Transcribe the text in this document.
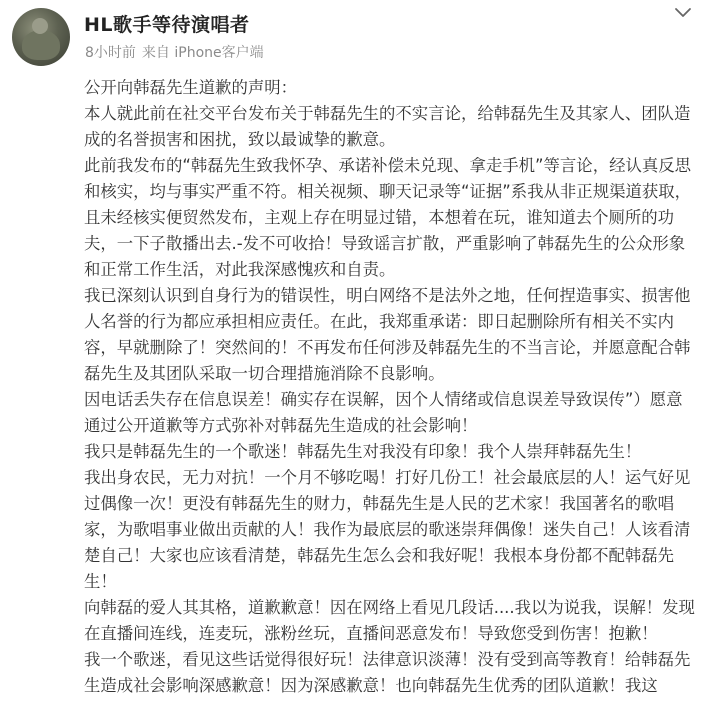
HL歌手等待演唱者
8小时前 来自 iPhone客户端

公开向韩磊先生道歉的声明：

本人就此前在社交平台发布关于韩磊先生的不实言论，给韩磊先生及其家人、团队造成的名誉损害和困扰，致以最诚挚的歉意。

此前我发布的“韩磊先生致我怀孕、承诺补偿未兑现、拿走手机”等言论，经认真反思和核实，均与事实严重不符。相关视频、聊天记录等“证据”系我从非正规渠道获取，且未经核实便贸然发布，主观上存在明显过错，本想着在玩，谁知道去个厕所的功夫，一下子散播出去.-发不可收拾！导致谣言扩散，严重影响了韩磊先生的公众形象和正常工作生活，对此我深感愧疚和自责。

我已深刻认识到自身行为的错误性，明白网络不是法外之地，任何捏造事实、损害他人名誉的行为都应承担相应责任。在此，我郑重承诺：即日起删除所有相关不实内容，早就删除了！突然间的！不再发布任何涉及韩磊先生的不当言论，并愿意配合韩磊先生及其团队采取一切合理措施消除不良影响。

因电话丢失存在信息误差！确实存在误解，因个人情绪或信息误差导致误传”）愿意通过公开道歉等方式弥补对韩磊先生造成的社会影响！

我只是韩磊先生的一个歌迷！韩磊先生对我没有印象！我个人崇拜韩磊先生！

我出身农民，无力对抗！一个月不够吃喝！打好几份工！社会最底层的人！运气好见过偶像一次！更没有韩磊先生的财力，韩磊先生是人民的艺术家！我国著名的歌唱家，为歌唱事业做出贡献的人！我作为最底层的歌迷崇拜偶像！迷失自己！人该看清楚自己！大家也应该看清楚，韩磊先生怎么会和我好呢！我根本身份都不配韩磊先生！

向韩磊的爱人其其格，道歉歉意！因在网络上看见几段话....我以为说我，误解！发现在直播间连线，连麦玩，涨粉丝玩，直播间恶意发布！导致您受到伤害！抱歉！

我一个歌迷，看见这些话觉得很好玩！法律意识淡薄！没有受到高等教育！给韩磊先生造成社会影响深感歉意！因为深感歉意！也向韩磊先生优秀的团队道歉！我这
